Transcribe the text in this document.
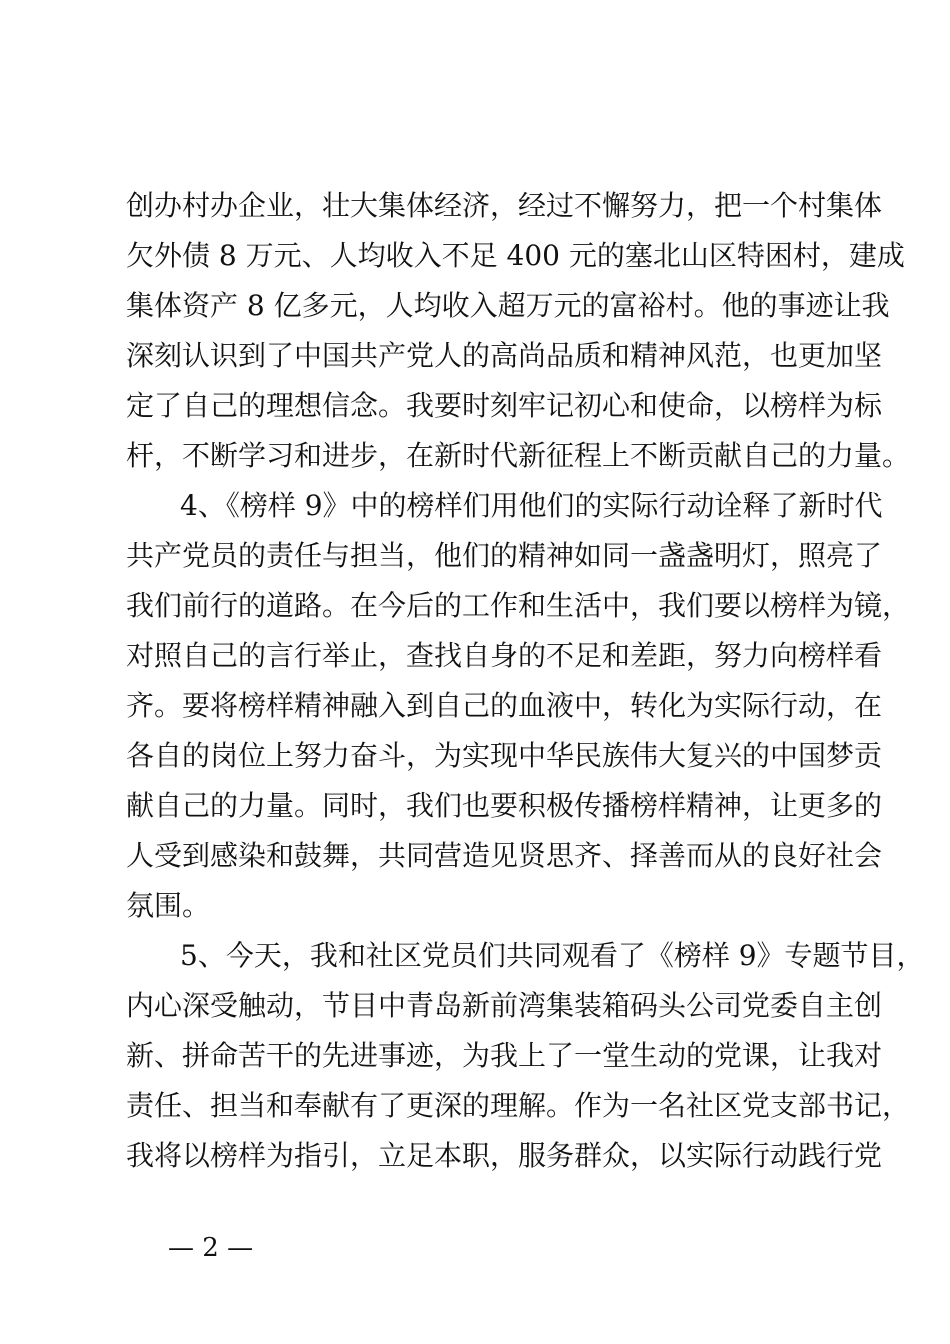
创办村办企业，壮大集体经济，经过不懈努力，把一个村集体
欠外债 8 万元、人均收入不足 400 元的塞北山区特困村，建成
集体资产 8 亿多元，人均收入超万元的富裕村。他的事迹让我
深刻认识到了中国共产党人的高尚品质和精神风范，也更加坚
定了自己的理想信念。我要时刻牢记初心和使命，以榜样为标
杆，不断学习和进步，在新时代新征程上不断贡献自己的力量。
4、《榜样 9》中的榜样们用他们的实际行动诠释了新时代
共产党员的责任与担当，他们的精神如同一盏盏明灯，照亮了
我们前行的道路。在今后的工作和生活中，我们要以榜样为镜，
对照自己的言行举止，查找自身的不足和差距，努力向榜样看
齐。要将榜样精神融入到自己的血液中，转化为实际行动，在
各自的岗位上努力奋斗，为实现中华民族伟大复兴的中国梦贡
献自己的力量。同时，我们也要积极传播榜样精神，让更多的
人受到感染和鼓舞，共同营造见贤思齐、择善而从的良好社会
氛围。
5、今天，我和社区党员们共同观看了《榜样 9》专题节目，
内心深受触动，节目中青岛新前湾集装箱码头公司党委自主创
新、拼命苦干的先进事迹，为我上了一堂生动的党课，让我对
责任、担当和奉献有了更深的理解。作为一名社区党支部书记，
我将以榜样为指引，立足本职，服务群众，以实际行动践行党
— 2 —
